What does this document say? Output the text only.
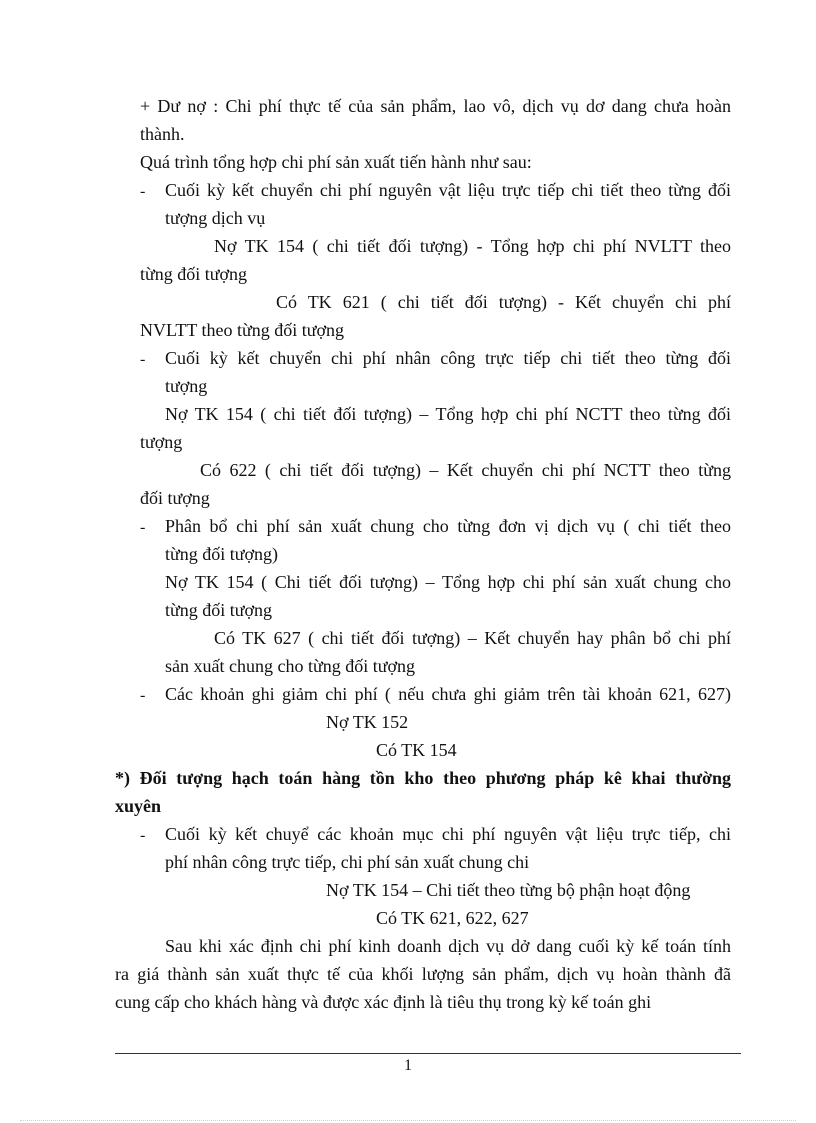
+ Dư nợ : Chi phí thực tế của sản phẩm, lao vô, dịch vụ dơ dang chưa hoàn
thành.
Quá trình tổng hợp chi phí sản xuất tiến hành như sau:
- Cuối kỳ kết chuyển chi phí nguyên vật liệu trực tiếp chi tiết theo từng đối
tượng dịch vụ
Nợ TK 154 ( chi tiết đối tượng) - Tổng hợp chi phí NVLTT theo
từng đối tượng
Có TK 621 ( chi tiết đối tượng) - Kết chuyển chi phí
NVLTT theo từng đối tượng
- Cuối kỳ kết chuyển chi phí nhân công trực tiếp chi tiết theo từng đối
tượng
Nợ TK 154 ( chi tiết đối tượng) – Tổng hợp chi phí NCTT theo từng đối
tượng
Có 622 ( chi tiết đối tượng) – Kết chuyển chi phí NCTT theo từng
đối tượng
- Phân bổ chi phí sản xuất chung cho từng đơn vị dịch vụ ( chi tiết theo
từng đối tượng)
Nợ TK 154 ( Chi tiết đối tượng) – Tổng hợp chi phí sản xuất chung cho
từng đối tượng
Có TK 627 ( chi tiết đối tượng) – Kết chuyển hay phân bổ chi phí
sản xuất chung cho từng đối tượng
- Các khoản ghi giảm chi phí ( nếu chưa ghi giảm trên tài khoản 621, 627)
Nợ TK 152
Có TK 154
*) Đối tượng hạch toán hàng tồn kho theo phương pháp kê khai thường
xuyên
- Cuối kỳ kết chuyể các khoản mục chi phí nguyên vật liệu trực tiếp, chi
phí nhân công trực tiếp, chi phí sản xuất chung chi
Nợ TK 154 – Chi tiết theo từng bộ phận hoạt động
Có TK 621, 622, 627
Sau khi xác định chi phí kinh doanh dịch vụ dở dang cuối kỳ kế toán tính
ra giá thành sản xuất thực tế của khối lượng sản phẩm, dịch vụ hoàn thành đã
cung cấp cho khách hàng và được xác định là tiêu thụ trong kỳ kế toán ghi
1
